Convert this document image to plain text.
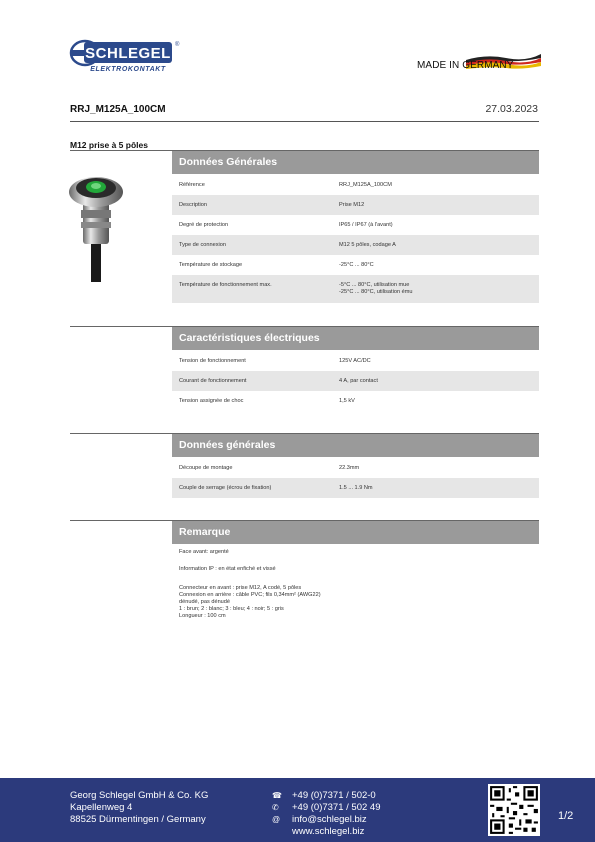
SCHLEGEL ®
ELEKTROKONTAKT	MADE IN GERMANY
RRJ_M125A_100CM	27.03.2023
M12 prise à 5 pôles
Données Générales
Référence	RRJ_M125A_100CM
Description	Prise M12
Degré de protection	IP65 / IP67 (à l'avant)
Type de connexion	M12 5 pôles, codage A
Température de stockage	-25°C ... 80°C
Température de fonctionnement max.	-5°C ... 80°C, utilisation mue
-25°C ... 80°C, utilisation ému
Caractéristiques électriques
Tension de fonctionnement	125V AC/DC
Courant de fonctionnement	4 A, par contact
Tension assignée de choc	1,5 kV
Données générales
Découpe de montage	22.3mm
Couple de serrage (écrou de fixation)	1.5 ... 1.9 Nm
Remarque
Face avant: argenté
Information IP : en état enfiché et vissé
Connecteur en avant : prise M12, A codé, 5 pôles
Connexion en arrière : câble PVC; fils 0,34mm² (AWG22)
dénudé, pas dénudé
1 : brun; 2 : blanc; 3 : bleu; 4 : noir; 5 : gris
Longueur : 100 cm
Georg Schlegel GmbH & Co. KG
Kapellenweg 4
88525 Dürmentingen / Germany
☎
✆
@
+49 (0)7371 / 502-0
+49 (0)7371 / 502 49
info@schlegel.biz
www.schlegel.biz
1/2
